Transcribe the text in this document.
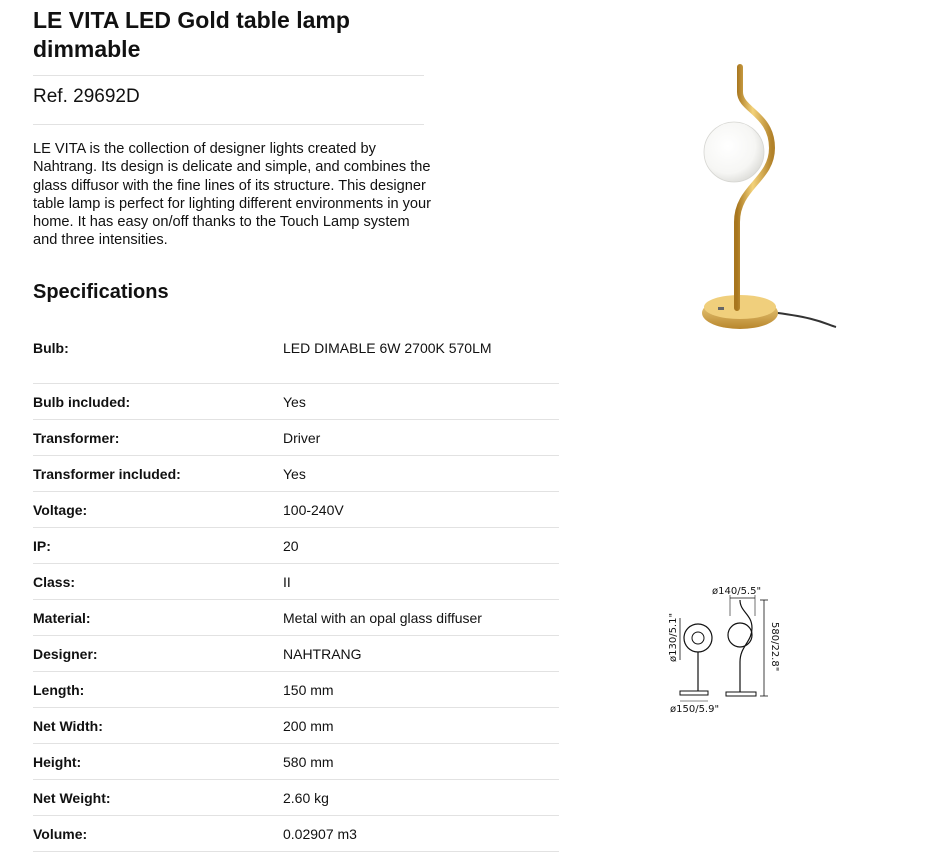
LE VITA LED Gold table lamp dimmable
Ref. 29692D

LE VITA is the collection of designer lights created by Nahtrang. Its design is delicate and simple, and combines the glass diffusor with the fine lines of its structure. This designer table lamp is perfect for lighting different environments in your home. It has easy on/off thanks to the Touch Lamp system and three intensities.

Specifications
Bulb:	LED DIMABLE 6W 2700K 570LM
Bulb included:	Yes
Transformer:	Driver
Transformer included:	Yes
Voltage:	100-240V
IP:	20
Class:	II
Material:	Metal with an opal glass diffuser
Designer:	NAHTRANG
Length:	150 mm
Net Width:	200 mm
Height:	580 mm
Net Weight:	2.60 kg
Volume:	0.02907 m3
ø140/5.5"
ø130/5.1"	580/22.8"
ø150/5.9"
